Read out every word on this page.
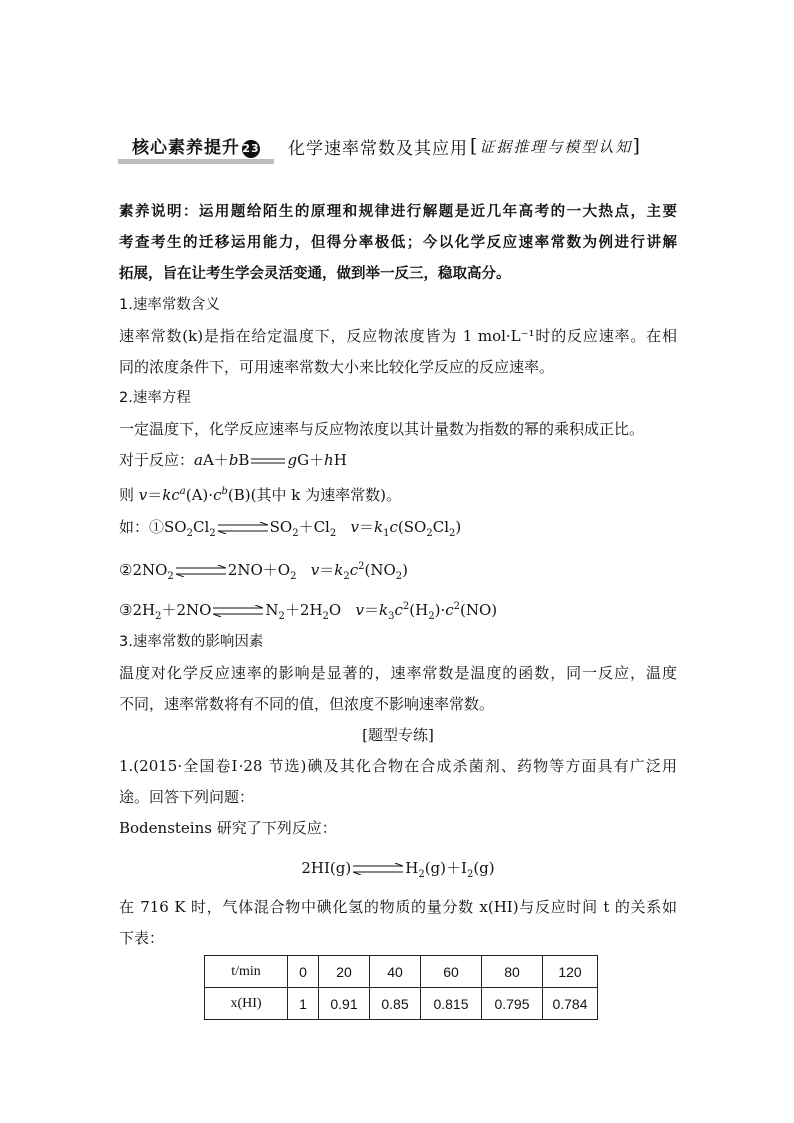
核心素养提升 23	化学速率常数及其应用 [证据推理与模型认知]
素养说明：运用题给陌生的原理和规律进行解题是近几年高考的一大热点，主要
考查考生的迁移运用能力，但得分率极低；今以化学反应速率常数为例进行讲解
拓展，旨在让考生学会灵活变通，做到举一反三，稳取高分。
1.速率常数含义
速率常数(k)是指在给定温度下，反应物浓度皆为 1 mol·L⁻¹时的反应速率。在相
同的浓度条件下，可用速率常数大小来比较化学反应的反应速率。
2.速率方程
一定温度下，化学反应速率与反应物浓度以其计量数为指数的幂的乘积成正比。
对于反应：aA＋bB	gG＋hH
则 $v=kc^a(A)\cdot c^b(B)$(其中 k 为速率常数)。
如：$①SO_2Cl_2$ ⇌ $SO_2+Cl_2$ $v=k_1c(SO_2Cl_2)$
$②2NO_2$ ⇌ $2NO+O_2$ $v=k_2c^2(NO_2)$
$③2H_2+2NO$ ⇌ $N_2+2H_2O$   $v=k_3c^2(H_2)\cdot c^2(NO)$
3.速率常数的影响因素
温度对化学反应速率的影响是显著的，速率常数是温度的函数，同一反应，温度
不同，速率常数将有不同的值，但浓度不影响速率常数。
[题型专练]
1.(2015·全国卷Ⅰ·28 节选)碘及其化合物在合成杀菌剂、药物等方面具有广泛用
途。回答下列问题：
Bodensteins 研究了下列反应：
2HI(g) ⇌ $H_2(g)+I_2(g)$
在 716 K 时，气体混合物中碘化氢的物质的量分数 x(HI)与反应时间 t 的关系如
下表：
t/min	0	20	40	60	80	120
x(HI)	1	0.91	0.85	0.815	0.795	0.784
